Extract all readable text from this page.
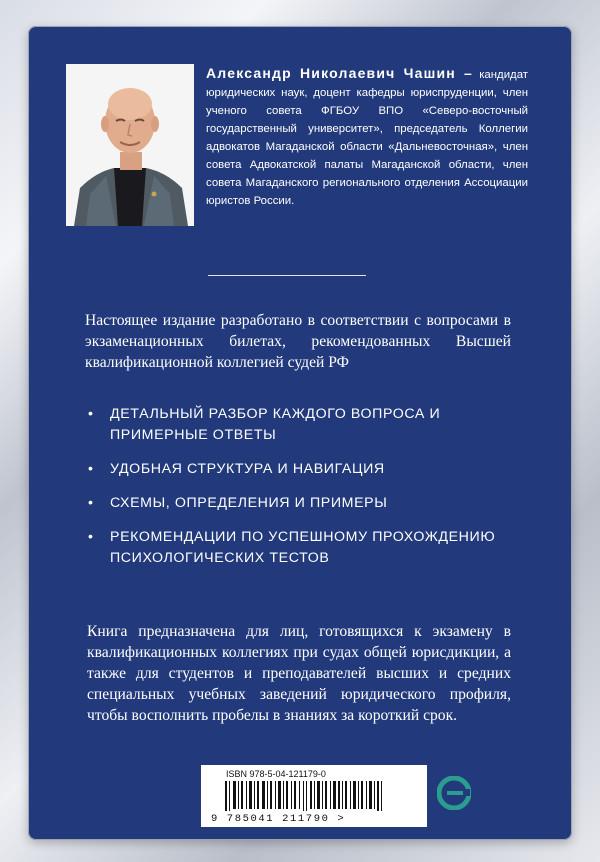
Александр Николаевич Чашин – кандидат юридических наук, доцент кафедры юриспруденции, член ученого совета ФГБОУ ВПО «Северо-восточный государственный университет», председатель Коллегии адвокатов Магаданской области «Дальневосточная», член совета Адвокатской палаты Магаданской области, член совета Магаданского регионального отделения Ассоциации юристов России.
Настоящее издание разработано в соответствии с вопросами в экзаменационных билетах, рекомендованных Высшей квалификационной коллегией судей РФ
•	ДЕТАЛЬНЫЙ РАЗБОР КАЖДОГО ВОПРОСА И ПРИМЕРНЫЕ ОТВЕТЫ
•	УДОБНАЯ СТРУКТУРА И НАВИГАЦИЯ
•	СХЕМЫ, ОПРЕДЕЛЕНИЯ И ПРИМЕРЫ
•	РЕКОМЕНДАЦИИ ПО УСПЕШНОМУ ПРОХОЖДЕНИЮ ПСИХОЛОГИЧЕСКИХ ТЕСТОВ
Книга предназначена для лиц, готовящихся к экзамену в квалификационных коллегиях при судах общей юрисдикции, а также для студентов и преподавателей высших и средних специальных учебных заведений юридического профиля, чтобы восполнить пробелы в знаниях за короткий срок.
ISBN 978-5-04-121179-0
9 785041 211790 >
